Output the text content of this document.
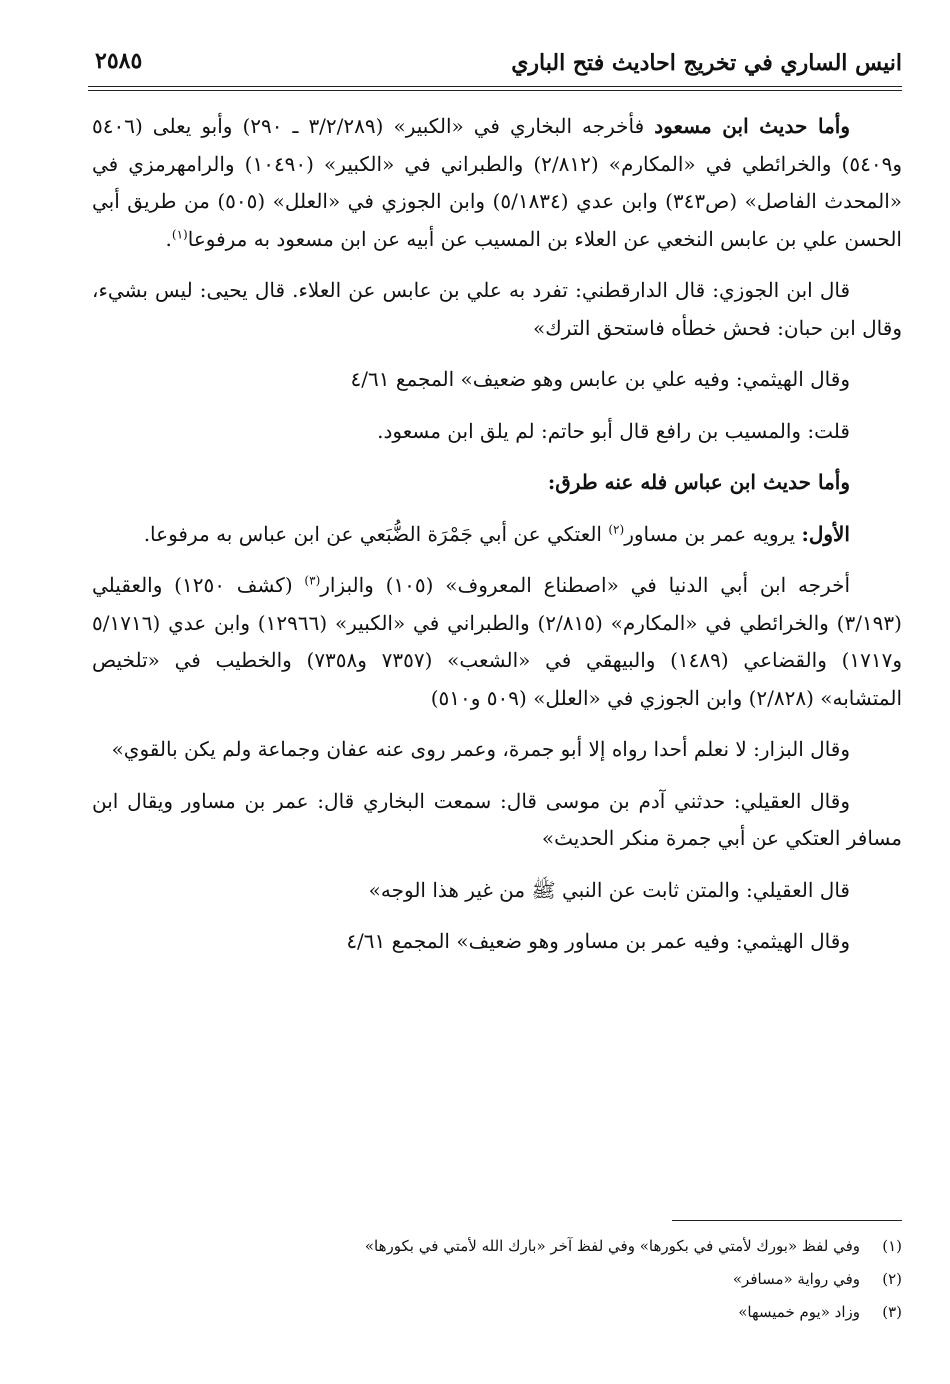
انيس الساري في تخريج احاديث فتح الباري
٢٥٨٥

وأما حديث ابن مسعود فأخرجه البخاري في «الكبير» (٣/٢/٢٨٩ ـ ٢٩٠) وأبو يعلى (٥٤٠٦ و٥٤٠٩) والخرائطي في «المكارم» (٢/٨١٢) والطبراني في «الكبير» (١٠٤٩٠) والرامهرمزي في «المحدث الفاصل» (ص٣٤٣) وابن عدي (٥/١٨٣٤) وابن الجوزي في «العلل» (٥٠٥) من طريق أبي الحسن علي بن عابس النخعي عن العلاء بن المسيب عن أبيه عن ابن مسعود به مرفوعا$^{(١)}$.

قال ابن الجوزي: قال الدارقطني: تفرد به علي بن عابس عن العلاء. قال يحيى: ليس بشيء، وقال ابن حبان: فحش خطأه فاستحق الترك»

وقال الهيثمي: وفيه علي بن عابس وهو ضعيف» المجمع ٤/٦١

قلت: والمسيب بن رافع قال أبو حاتم: لم يلق ابن مسعود.

وأما حديث ابن عباس فله عنه طرق:

الأول: يرويه عمر بن مساور$^{(٢)}$ العتكي عن أبي جَمْرَة الضُّبَعي عن ابن عباس به مرفوعا.

أخرجه ابن أبي الدنيا في «اصطناع المعروف» (١٠٥) والبزار$^{(٣)}$ (كشف ١٢٥٠) والعقيلي (٣/١٩٣) والخرائطي في «المكارم» (٢/٨١٥) والطبراني في «الكبير» (١٢٩٦٦) وابن عدي (٥/١٧١٦ و١٧١٧) والقضاعي (١٤٨٩) والبيهقي في «الشعب» (٧٣٥٧ و٧٣٥٨) والخطيب في «تلخيص المتشابه» (٢/٨٢٨) وابن الجوزي في «العلل» (٥٠٩ و٥١٠)

وقال البزار: لا نعلم أحدا رواه إلا أبو جمرة، وعمر روى عنه عفان وجماعة ولم يكن بالقوي»

وقال العقيلي: حدثني آدم بن موسى قال: سمعت البخاري قال: عمر بن مساور ويقال ابن مسافر العتكي عن أبي جمرة منكر الحديث»

قال العقيلي: والمتن ثابت عن النبي ﷺ من غير هذا الوجه»

وقال الهيثمي: وفيه عمر بن مساور وهو ضعيف» المجمع ٤/٦١

(١)وفي لفظ «بورك لأمتي في بكورها» وفي لفظ آخر «بارك الله لأمتي في بكورها»
(٢)وفي رواية «مسافر»
(٣)وزاد «يوم خميسها»
